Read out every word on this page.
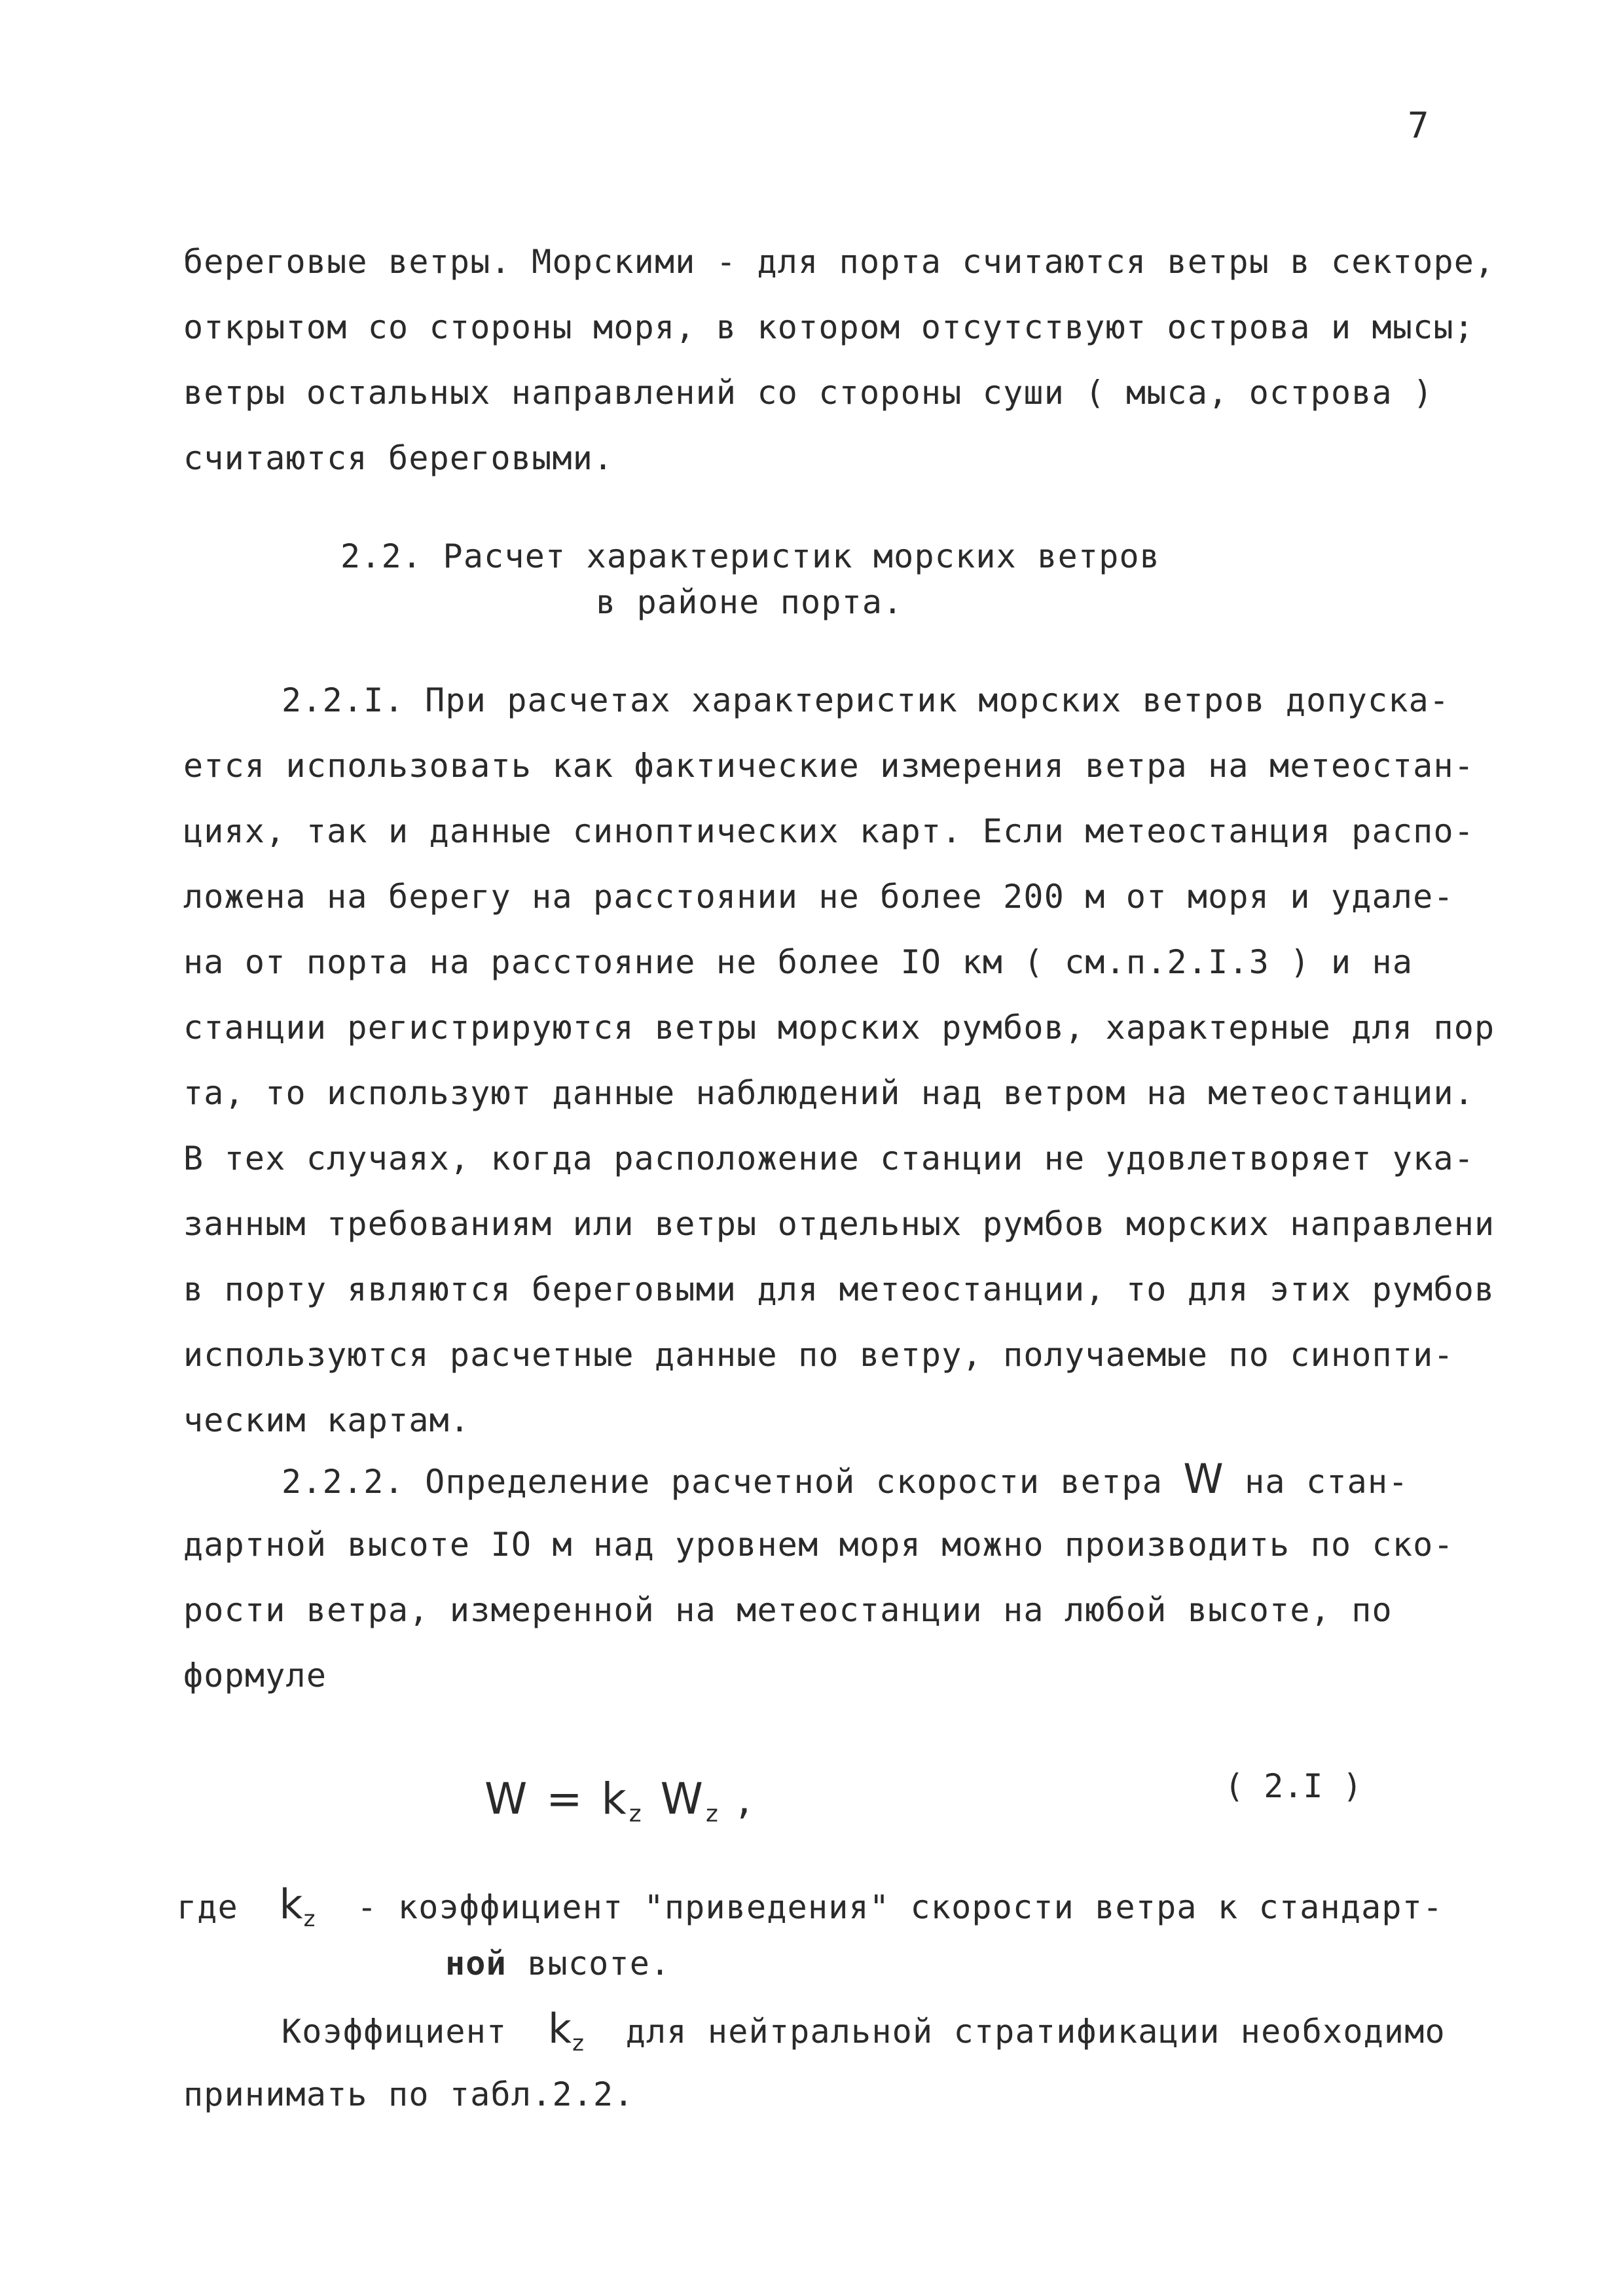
7
береговые ветры. Морскими - для порта считаются ветры в секторе,
открытом со стороны моря, в котором отсутствуют острова и мысы;
ветры остальных направлений со стороны суши ( мыса, острова )
считаются береговыми.
2.2. Расчет характеристик морских ветров
в районе порта.
2.2.I. При расчетах характеристик морских ветров допуска-
ется использовать как фактические измерения ветра на метеостан-
циях, так и данные синоптических карт. Если метеостанция распо-
ложена на берегу на расстоянии не более 200 м от моря и удале-
на от порта на расстояние не более IO км ( см.п.2.I.3 ) и на
станции регистрируются ветры морских румбов, характерные для пор
та, то используют данные наблюдений над ветром на метеостанции.
В тех случаях, когда расположение станции не удовлетворяет ука-
занным требованиям или ветры отдельных румбов морских направлени
в порту являются береговыми для метеостанции, то для этих румбов
используются расчетные данные по ветру, получаемые по синопти-
ческим картам.
2.2.2. Определение расчетной скорости ветра W на стан-
дартной высоте IO м над уровнем моря можно производить по ско-
рости ветра, измеренной на метеостанции на любой высоте, по
формуле
$W = k_z$ $W_z$ ,	( 2.I )
где $k_z$ - коэффициент "приведения" скорости ветра к стандарт-
ной высоте.
Коэффициент  $k_z$  для нейтральной стратификации необходимо
принимать по табл.2.2.
